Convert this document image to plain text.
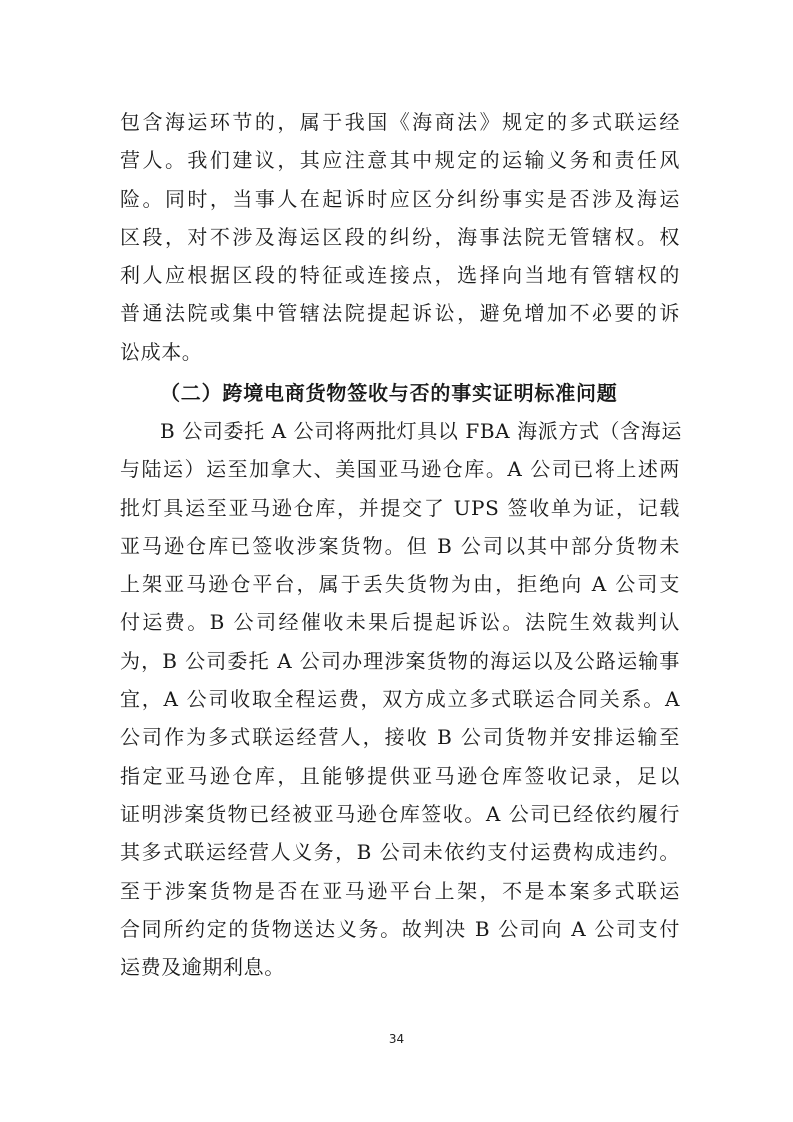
包含海运环节的，属于我国《海商法》规定的多式联运经
营人。我们建议，其应注意其中规定的运输义务和责任风
险。同时，当事人在起诉时应区分纠纷事实是否涉及海运
区段，对不涉及海运区段的纠纷，海事法院无管辖权。权
利人应根据区段的特征或连接点，选择向当地有管辖权的
普通法院或集中管辖法院提起诉讼，避免增加不必要的诉
讼成本。
（二）跨境电商货物签收与否的事实证明标准问题
B 公司委托 A 公司将两批灯具以 FBA 海派方式（含海运
与陆运）运至加拿大、美国亚马逊仓库。A 公司已将上述两
批灯具运至亚马逊仓库，并提交了 UPS 签收单为证，记载
亚马逊仓库已签收涉案货物。但 B 公司以其中部分货物未
上架亚马逊仓平台，属于丢失货物为由，拒绝向 A 公司支
付运费。B 公司经催收未果后提起诉讼。法院生效裁判认
为，B 公司委托 A 公司办理涉案货物的海运以及公路运输事
宜，A 公司收取全程运费，双方成立多式联运合同关系。A
公司作为多式联运经营人，接收 B 公司货物并安排运输至
指定亚马逊仓库，且能够提供亚马逊仓库签收记录，足以
证明涉案货物已经被亚马逊仓库签收。A 公司已经依约履行
其多式联运经营人义务，B 公司未依约支付运费构成违约。
至于涉案货物是否在亚马逊平台上架，不是本案多式联运
合同所约定的货物送达义务。故判决 B 公司向 A 公司支付
运费及逾期利息。
34
